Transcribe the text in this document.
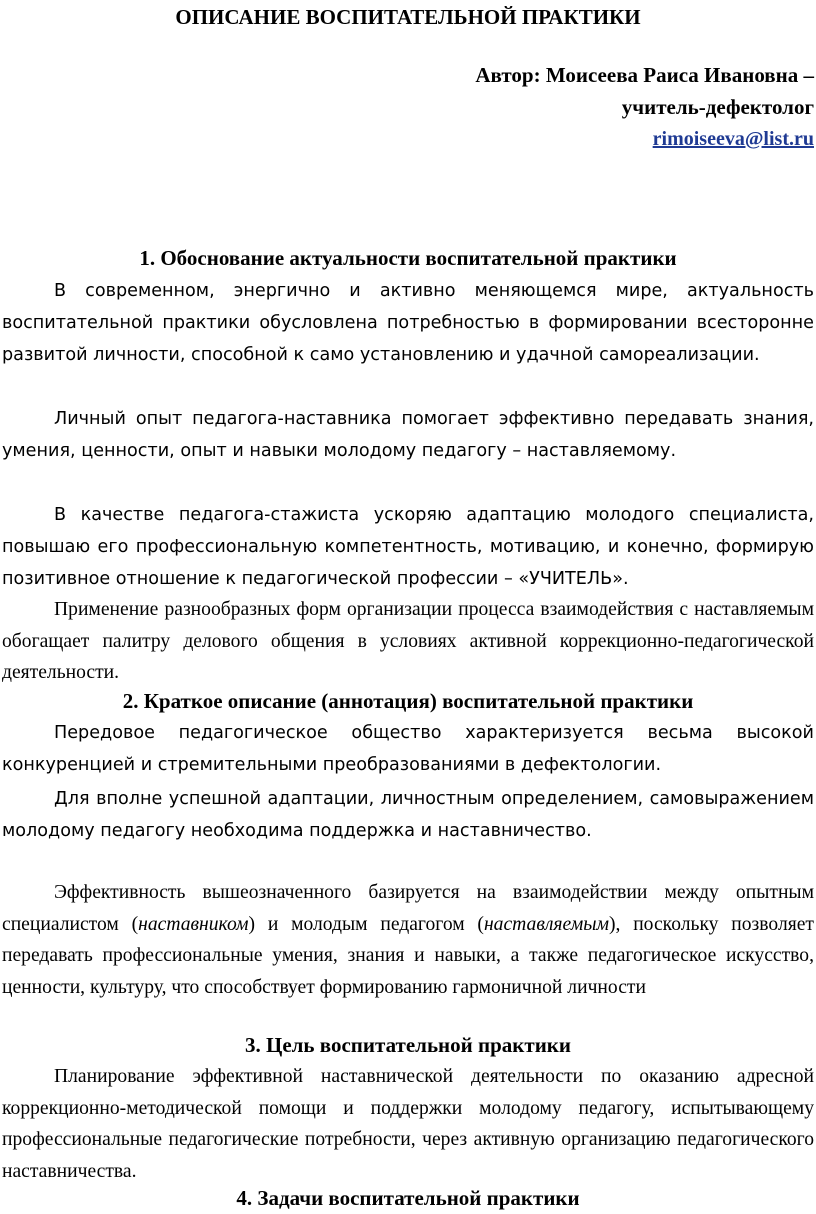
ОПИСАНИЕ ВОСПИТАТЕЛЬНОЙ ПРАКТИКИ
Автор: Моисеева Раиса Ивановна –
учитель-дефектолог
rimoiseeva@list.ru
1. Обоснование актуальности воспитательной практики

В современном, энергично и активно меняющемся мире, актуальность воспитательной практики обусловлена потребностью в формировании всесторонне развитой личности, способной к само установлению и удачной самореализации.

Личный опыт педагога-наставника помогает эффективно передавать знания, умения, ценности, опыт и навыки молодому педагогу – наставляемому.

В качестве педагога-стажиста ускоряю адаптацию молодого специалиста, повышаю его профессиональную компетентность, мотивацию, и конечно, формирую позитивное отношение к педагогической профессии – «УЧИТЕЛЬ».

Применение разнообразных форм организации процесса взаимодействия с наставляемым обогащает палитру делового общения в условиях активной коррекционно-педагогической деятельности.

2. Краткое описание (аннотация) воспитательной практики

Передовое педагогическое общество характеризуется весьма высокой конкуренцией и стремительными преобразованиями в дефектологии.

Для вполне успешной адаптации, личностным определением, самовыражением молодому педагогу необходима поддержка и наставничество.

Эффективность вышеозначенного базируется на взаимодействии между опытным специалистом (наставником) и молодым педагогом (наставляемым), поскольку позволяет передавать профессиональные умения, знания и навыки, а также педагогическое искусство, ценности, культуру, что способствует формированию гармоничной личности

3. Цель воспитательной практики

Планирование эффективной наставнической деятельности по оказанию адресной коррекционно-методической помощи и поддержки молодому педагогу, испытывающему профессиональные педагогические потребности, через активную организацию педагогического наставничества.

4. Задачи воспитательной практики
